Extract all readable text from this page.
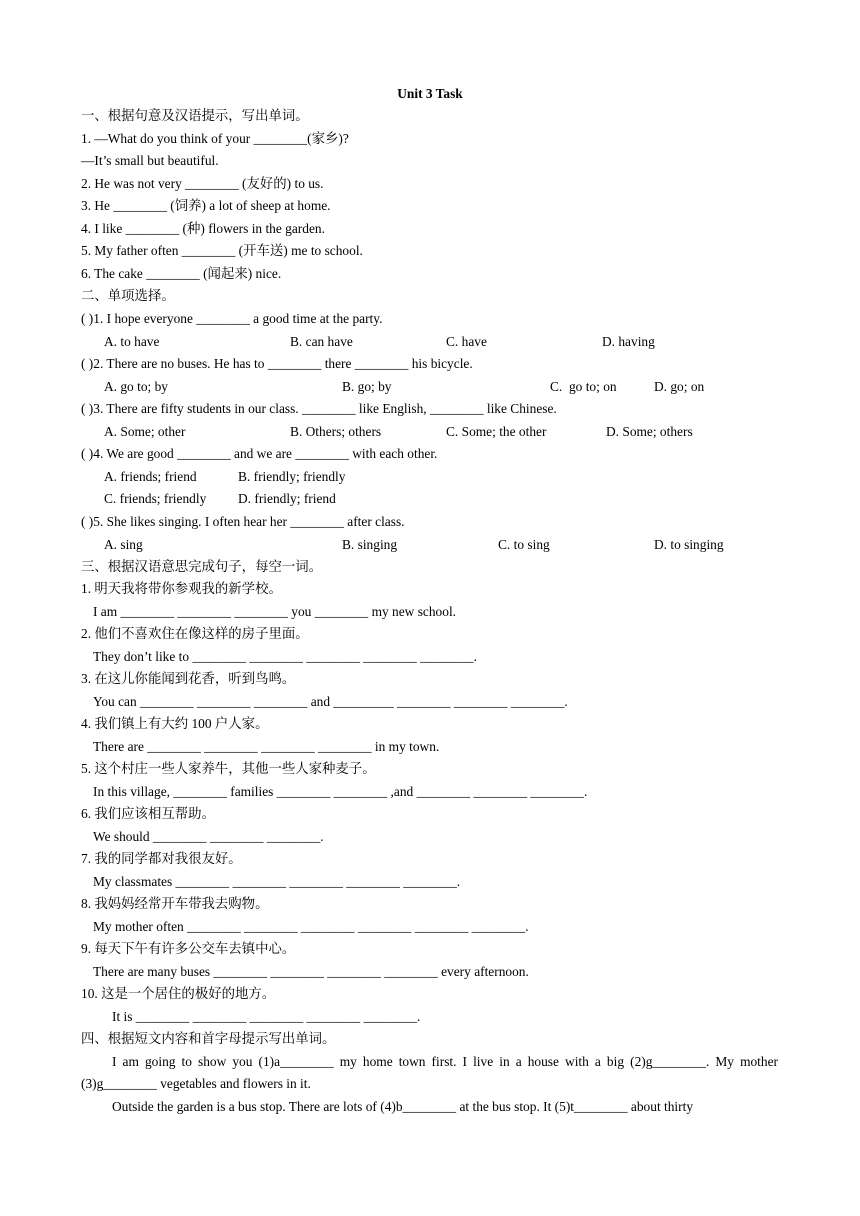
Unit 3 Task
一、根据句意及汉语提示，写出单词。
1. —What do you think of your ________(家乡)?
—It’s small but beautiful.
2. He was not very ________ (友好的) to us.
3. He ________ (饲养) a lot of sheep at home.
4. I like ________ (种) flowers in the garden.
5. My father often ________ (开车送) me to school.
6. The cake ________ (闻起来) nice.
二、单项选择。
( )1. I hope everyone ________ a good time at the party.
A. to have	B. can have	C. have	D. having
( )2. There are no buses. He has to ________ there ________ his bicycle.
A. go to; by	B. go; by	C.  go to; on	D. go; on
( )3. There are fifty students in our class. ________ like English, ________ like Chinese.
A. Some; other	B. Others; others	C. Some; the other	D. Some; others
( )4. We are good ________ and we are ________ with each other.
A. friends; friend	B. friendly; friendly
C. friends; friendly D. friendly; friend
( )5. She likes singing. I often hear her ________ after class.
A. sing	B. singing	C. to sing	D. to singing
三、根据汉语意思完成句子，每空一词。
1. 明天我将带你参观我的新学校。
I am ________ ________ ________ you ________ my new school.
2. 他们不喜欢住在像这样的房子里面。
They don’t like to ________ ________ ________ ________ ________.
3. 在这儿你能闻到花香，听到鸟鸣。
You can ________ ________ ________ and _________ ________ ________ ________.
4. 我们镇上有大约 100 户人家。
There are ________ ________ ________ ________ in my town.
5. 这个村庄一些人家养牛，其他一些人家种麦子。
In this village, ________ families ________ ________ ,and ________ ________ ________.
6. 我们应该相互帮助。
We should ________ ________ ________.
7. 我的同学都对我很友好。
My classmates ________ ________ ________ ________ ________.
8. 我妈妈经常开车带我去购物。
My mother often ________ ________ ________ ________ ________ ________.
9. 每天下午有许多公交车去镇中心。
There are many buses ________ ________ ________ ________ every afternoon.
10. 这是一个居住的极好的地方。
It is ________ ________ ________ ________ ________.
四、根据短文内容和首字母提示写出单词。
I am going to show you (1)a________ my home town first. I live in a house with a big (2)g________. My mother (3)g________ vegetables and flowers in it.
Outside the garden is a bus stop. There are lots of (4)b________ at the bus stop. It (5)t________ about thirty
